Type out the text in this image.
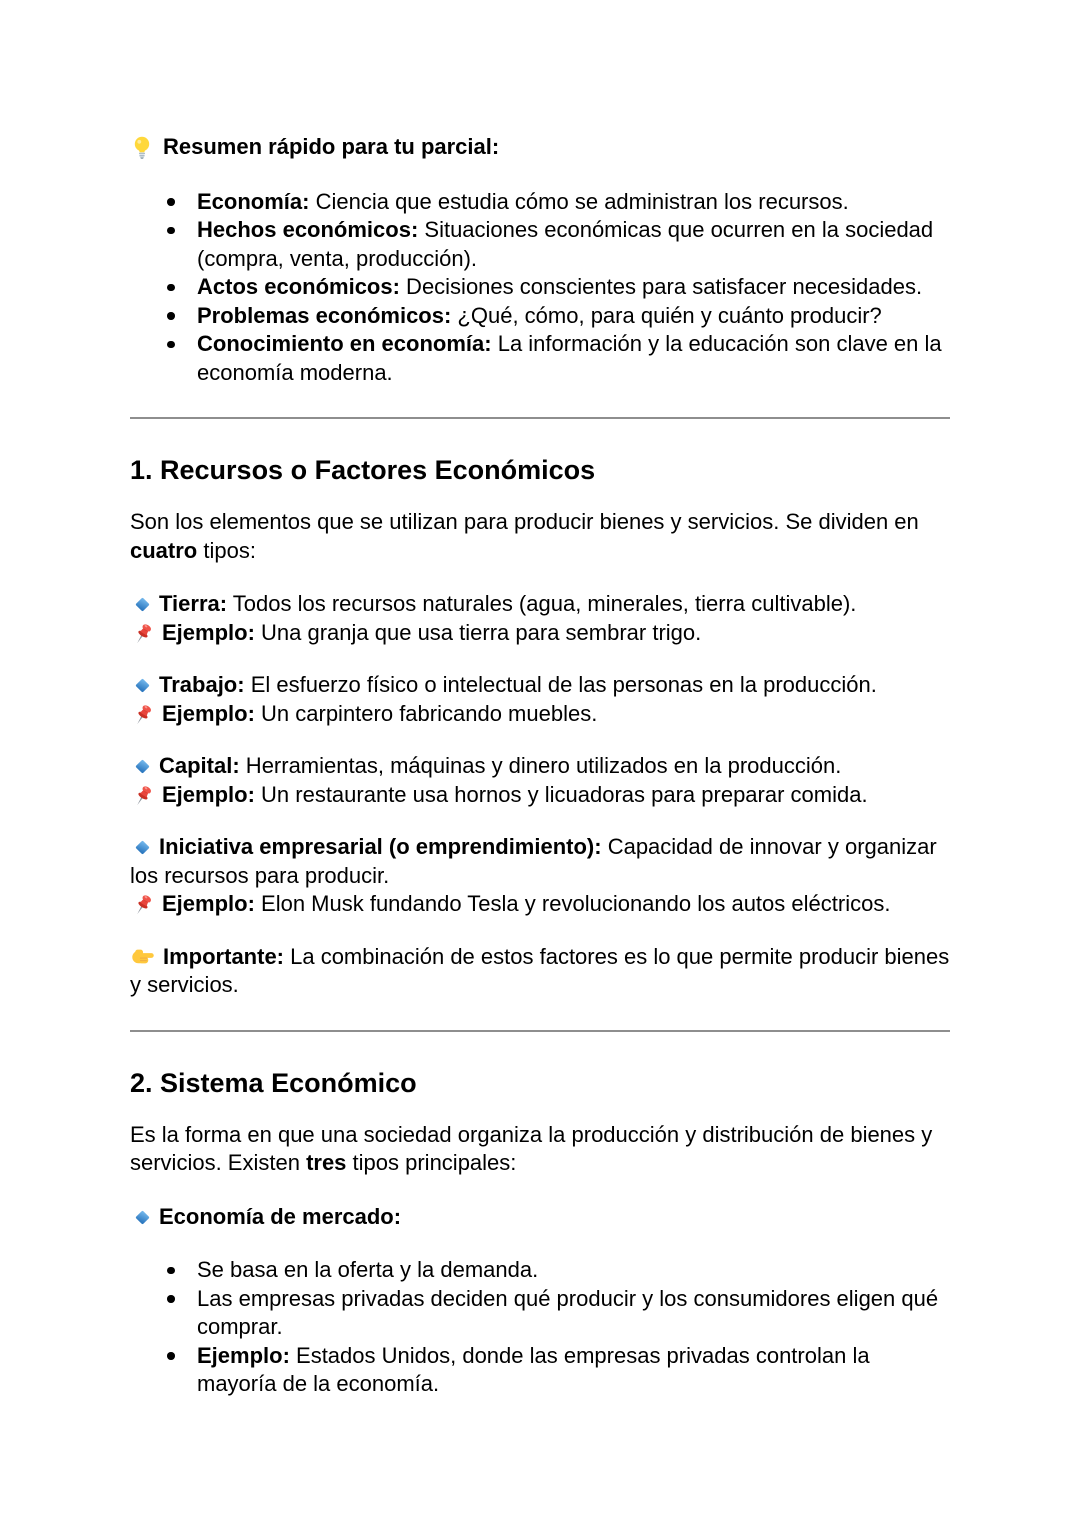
Resumen rápido para tu parcial:

Economía: Ciencia que estudia cómo se administran los recursos.
Hechos económicos: Situaciones económicas que ocurren en la sociedad (compra, venta, producción).
Actos económicos: Decisiones conscientes para satisfacer necesidades.
Problemas económicos: ¿Qué, cómo, para quién y cuánto producir?
Conocimiento en economía: La información y la educación son clave en la economía moderna.
1. Recursos o Factores Económicos

Son los elementos que se utilizan para producir bienes y servicios. Se dividen en cuatro tipos:

Tierra: Todos los recursos naturales (agua, minerales, tierra cultivable).

Ejemplo: Una granja que usa tierra para sembrar trigo.

Trabajo: El esfuerzo físico o intelectual de las personas en la producción.

Ejemplo: Un carpintero fabricando muebles.

Capital: Herramientas, máquinas y dinero utilizados en la producción.

Ejemplo: Un restaurante usa hornos y licuadoras para preparar comida.

Iniciativa empresarial (o emprendimiento): Capacidad de innovar y organizar los recursos para producir.

Ejemplo: Elon Musk fundando Tesla y revolucionando los autos eléctricos.

Importante: La combinación de estos factores es lo que permite producir bienes y servicios.

2. Sistema Económico

Es la forma en que una sociedad organiza la producción y distribución de bienes y servicios. Existen tres tipos principales:

Economía de mercado:

Se basa en la oferta y la demanda.
Las empresas privadas deciden qué producir y los consumidores eligen qué comprar.
Ejemplo: Estados Unidos, donde las empresas privadas controlan la mayoría de la economía.
